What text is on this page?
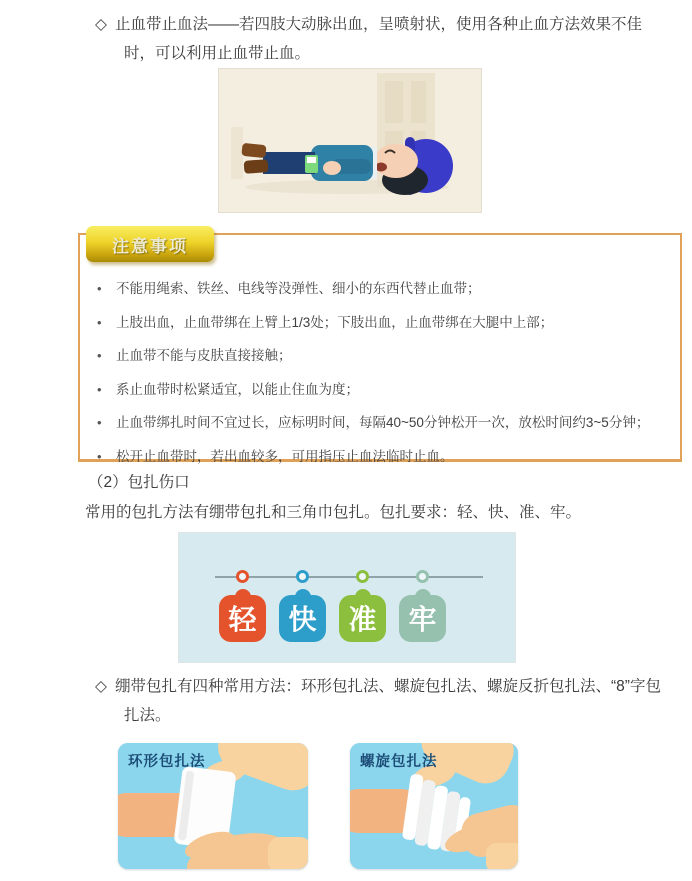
◇ 止血带止血法——若四肢大动脉出血，呈喷射状，使用各种止血方法效果不佳时，可以利用止血带止血。
注意事项
• 不能用绳索、铁丝、电线等没弹性、细小的东西代替止血带；
• 上肢出血，止血带绑在上臂上1/3处；下肢出血，止血带绑在大腿中上部；
• 止血带不能与皮肤直接接触；
• 系止血带时松紧适宜，以能止住血为度；
• 止血带绑扎时间不宜过长，应标明时间，每隔40~50分钟松开一次，放松时间约3~5分钟；
• 松开止血带时，若出血较多，可用指压止血法临时止血。
（2）包扎伤口
常用的包扎方法有绷带包扎和三角巾包扎。包扎要求：轻、快、准、牢。
轻	快	准	牢
◇ 绷带包扎有四种常用方法：环形包扎法、螺旋包扎法、螺旋反折包扎法、“8”字包扎法。
环形包扎法	螺旋包扎法
